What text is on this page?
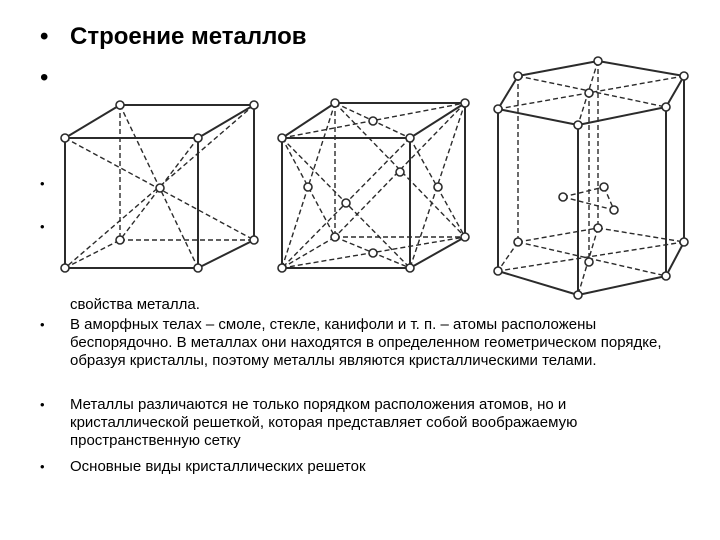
• Строение металлов
•
•
•
свойства металла.
• В аморфных телах – смоле, стекле, канифоли и т. п. – атомы расположены беспорядочно. В металлах они находятся в определенном геометрическом порядке, образуя кристаллы, поэтому металлы являются кристаллическими телами.
• Металлы различаются не только порядком расположения атомов, но и кристаллической решеткой, которая представляет собой воображаемую пространственную сетку
• Основные виды кристаллических решеток
